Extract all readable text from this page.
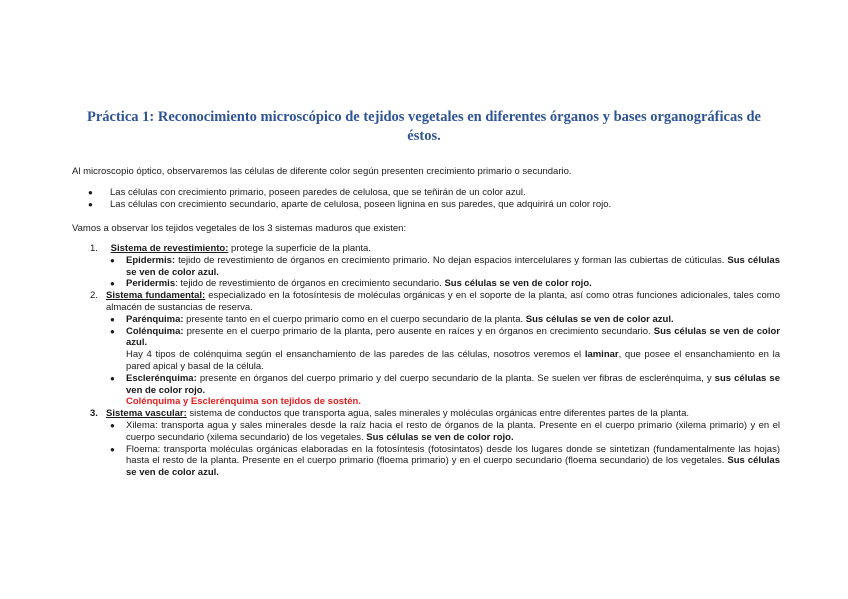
Práctica 1: Reconocimiento microscópico de tejidos vegetales en diferentes órganos y bases organográficas de éstos.
Al microscopio óptico, observaremos las células de diferente color según presenten crecimiento primario o secundario.
● Las células con crecimiento primario, poseen paredes de celulosa, que se teñirán de un color azul.
● Las células con crecimiento secundario, aparte de celulosa, poseen lignina en sus paredes, que adquirirá un color rojo.
Vamos a observar los tejidos vegetales de los 3 sistemas maduros que existen:
1. Sistema de revestimiento: protege la superficie de la planta.
● Epidermis: tejido de revestimiento de órganos en crecimiento primario. No dejan espacios intercelulares y forman las cubiertas de cúticulas. Sus células se ven de color azul.
● Peridermis: tejido de revestimiento de órganos en crecimiento secundario. Sus células se ven de color rojo.
2. Sistema fundamental: especializado en la fotosíntesis de moléculas orgánicas y en el soporte de la planta, así como otras funciones adicionales, tales como almacén de sustancias de reserva.
● Parénquima: presente tanto en el cuerpo primario como en el cuerpo secundario de la planta. Sus células se ven de color azul.
● Colénquima: presente en el cuerpo primario de la planta, pero ausente en raíces y en órganos en crecimiento secundario. Sus células se ven de color azul.
Hay 4 tipos de colénquima según el ensanchamiento de las paredes de las células, nosotros veremos el laminar, que posee el ensanchamiento en la pared apical y basal de la célula.
● Esclerénquima: presente en órganos del cuerpo primario y del cuerpo secundario de la planta. Se suelen ver fibras de esclerénquima, y sus células se ven de color rojo.
Colénquima y Esclerénquima son tejidos de sostén.
3. Sistema vascular: sistema de conductos que transporta agua, sales minerales y moléculas orgánicas entre diferentes partes de la planta.
● Xilema: transporta agua y sales minerales desde la raíz hacia el resto de órganos de la planta. Presente en el cuerpo primario (xilema primario) y en el cuerpo secundario (xilema secundario) de los vegetales. Sus células se ven de color rojo.
● Floema: transporta moléculas orgánicas elaboradas en la fotosíntesis (fotosintatos) desde los lugares donde se sintetizan (fundamentalmente las hojas) hasta el resto de la planta. Presente en el cuerpo primario (floema primario) y en el cuerpo secundario (floema secundario) de los vegetales. Sus células se ven de color azul.
